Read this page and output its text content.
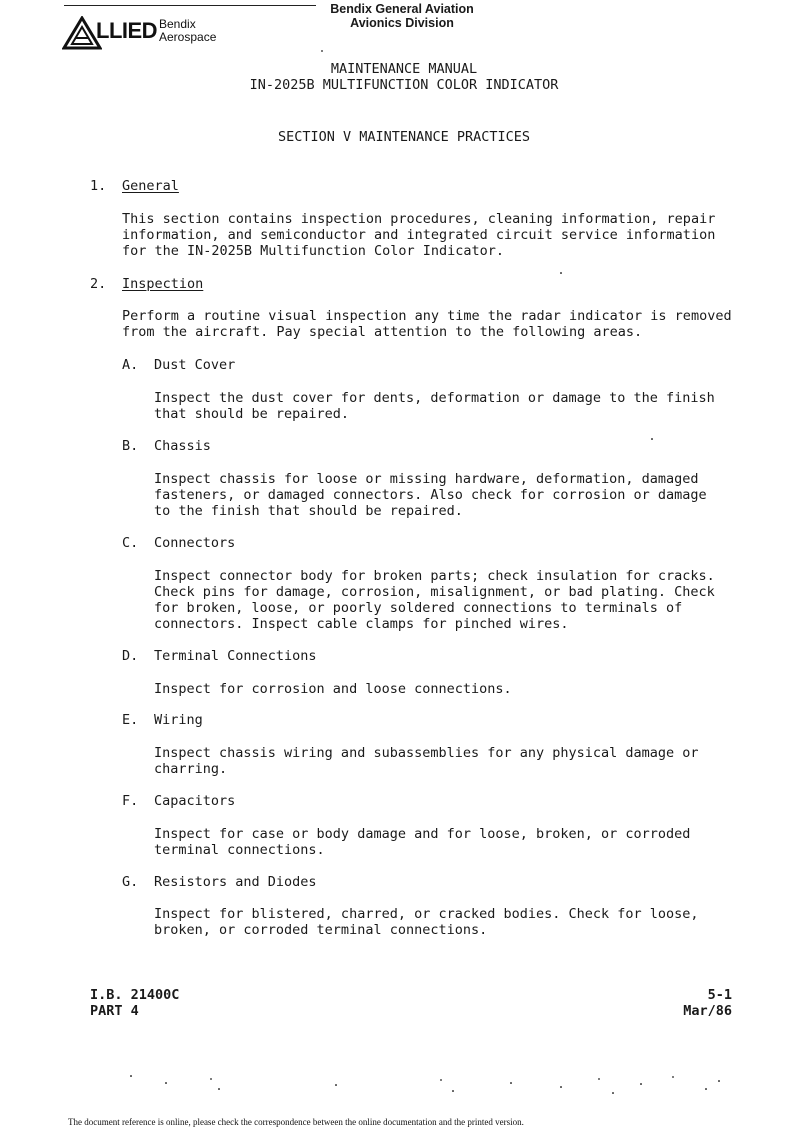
LLIED Bendix
Aerospace
Bendix General Aviation
Avionics Division
MAINTENANCE MANUAL
IN-2025B MULTIFUNCTION COLOR INDICATOR
SECTION V MAINTENANCE PRACTICES
1. General
This section contains inspection procedures, cleaning information, repair
information, and semiconductor and integrated circuit service information
for the IN-2025B Multifunction Color Indicator.
2. Inspection
Perform a routine visual inspection any time the radar indicator is removed
from the aircraft. Pay special attention to the following areas.
A. Dust Cover
Inspect the dust cover for dents, deformation or damage to the finish
that should be repaired.
B. Chassis
Inspect chassis for loose or missing hardware, deformation, damaged
fasteners, or damaged connectors. Also check for corrosion or damage
to the finish that should be repaired.
C. Connectors
Inspect connector body for broken parts; check insulation for cracks.
Check pins for damage, corrosion, misalignment, or bad plating. Check
for broken, loose, or poorly soldered connections to terminals of
connectors. Inspect cable clamps for pinched wires.
D. Terminal Connections
Inspect for corrosion and loose connections.
E. Wiring
Inspect chassis wiring and subassemblies for any physical damage or
charring.
F. Capacitors
Inspect for case or body damage and for loose, broken, or corroded
terminal connections.
G. Resistors and Diodes
Inspect for blistered, charred, or cracked bodies. Check for loose,
broken, or corroded terminal connections.
I.B. 21400C
PART 4
5-1
Mar/86
The document reference is online, please check the correspondence between the online documentation and the printed version.
